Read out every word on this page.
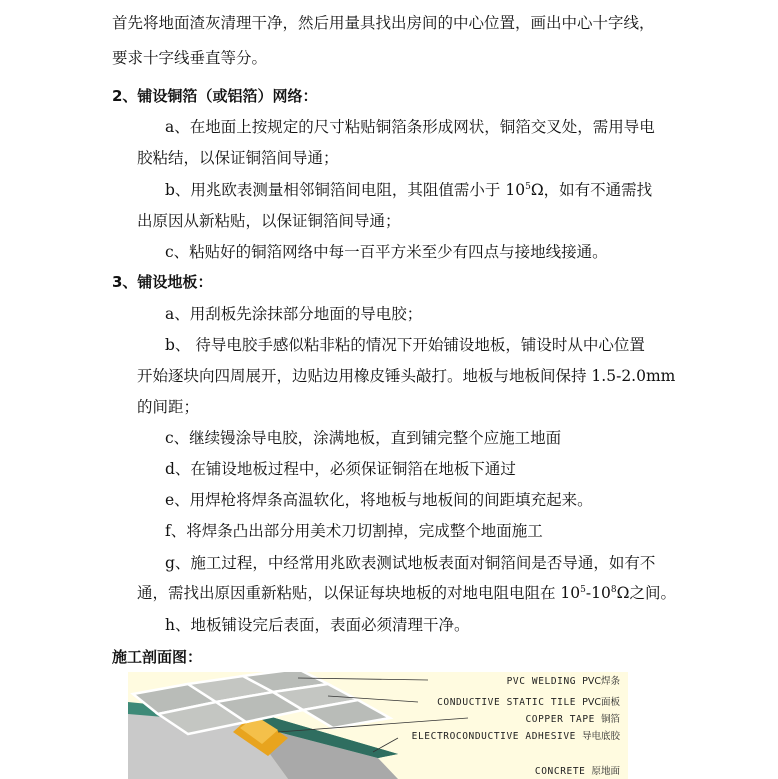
首先将地面渣灰清理干净，然后用量具找出房间的中心位置，画出中心十字线，
要求十字线垂直等分。
2、铺设铜箔（或铝箔）网络：
a、在地面上按规定的尺寸粘贴铜箔条形成网状，铜箔交叉处，需用导电
胶粘结，以保证铜箔间导通；
b、用兆欧表测量相邻铜箔间电阻，其阻值需小于 $10^5\Omega$，如有不通需找
出原因从新粘贴，以保证铜箔间导通；
c、粘贴好的铜箔网络中每一百平方米至少有四点与接地线接通。
3、铺设地板：
a、用刮板先涂抹部分地面的导电胶；
b、 待导电胶手感似粘非粘的情况下开始铺设地板，铺设时从中心位置
开始逐块向四周展开，边贴边用橡皮锤头敲打。地板与地板间保持 1.5-2.0mm
的间距；
c、继续镘涂导电胶，涂满地板，直到铺完整个应施工地面
d、在铺设地板过程中，必须保证铜箔在地板下通过
e、用焊枪将焊条高温软化，将地板与地板间的间距填充起来。
f、将焊条凸出部分用美术刀切割掉，完成整个地面施工
g、施工过程，中经常用兆欧表测试地板表面对铜箔间是否导通，如有不
通，需找出原因重新粘贴，以保证每块地板的对地电阻电阻在 $10^5-10^8\Omega$之间。
h、地板铺设完后表面，表面必须清理干净。
施工剖面图：
PVC WELDING PVC焊条
CONDUCTIVE STATIC TILE PVC面板
COPPER TAPE 铜箔
ELECTROCONDUCTIVE ADHESIVE 导电底胶
CONCRETE 原地面
